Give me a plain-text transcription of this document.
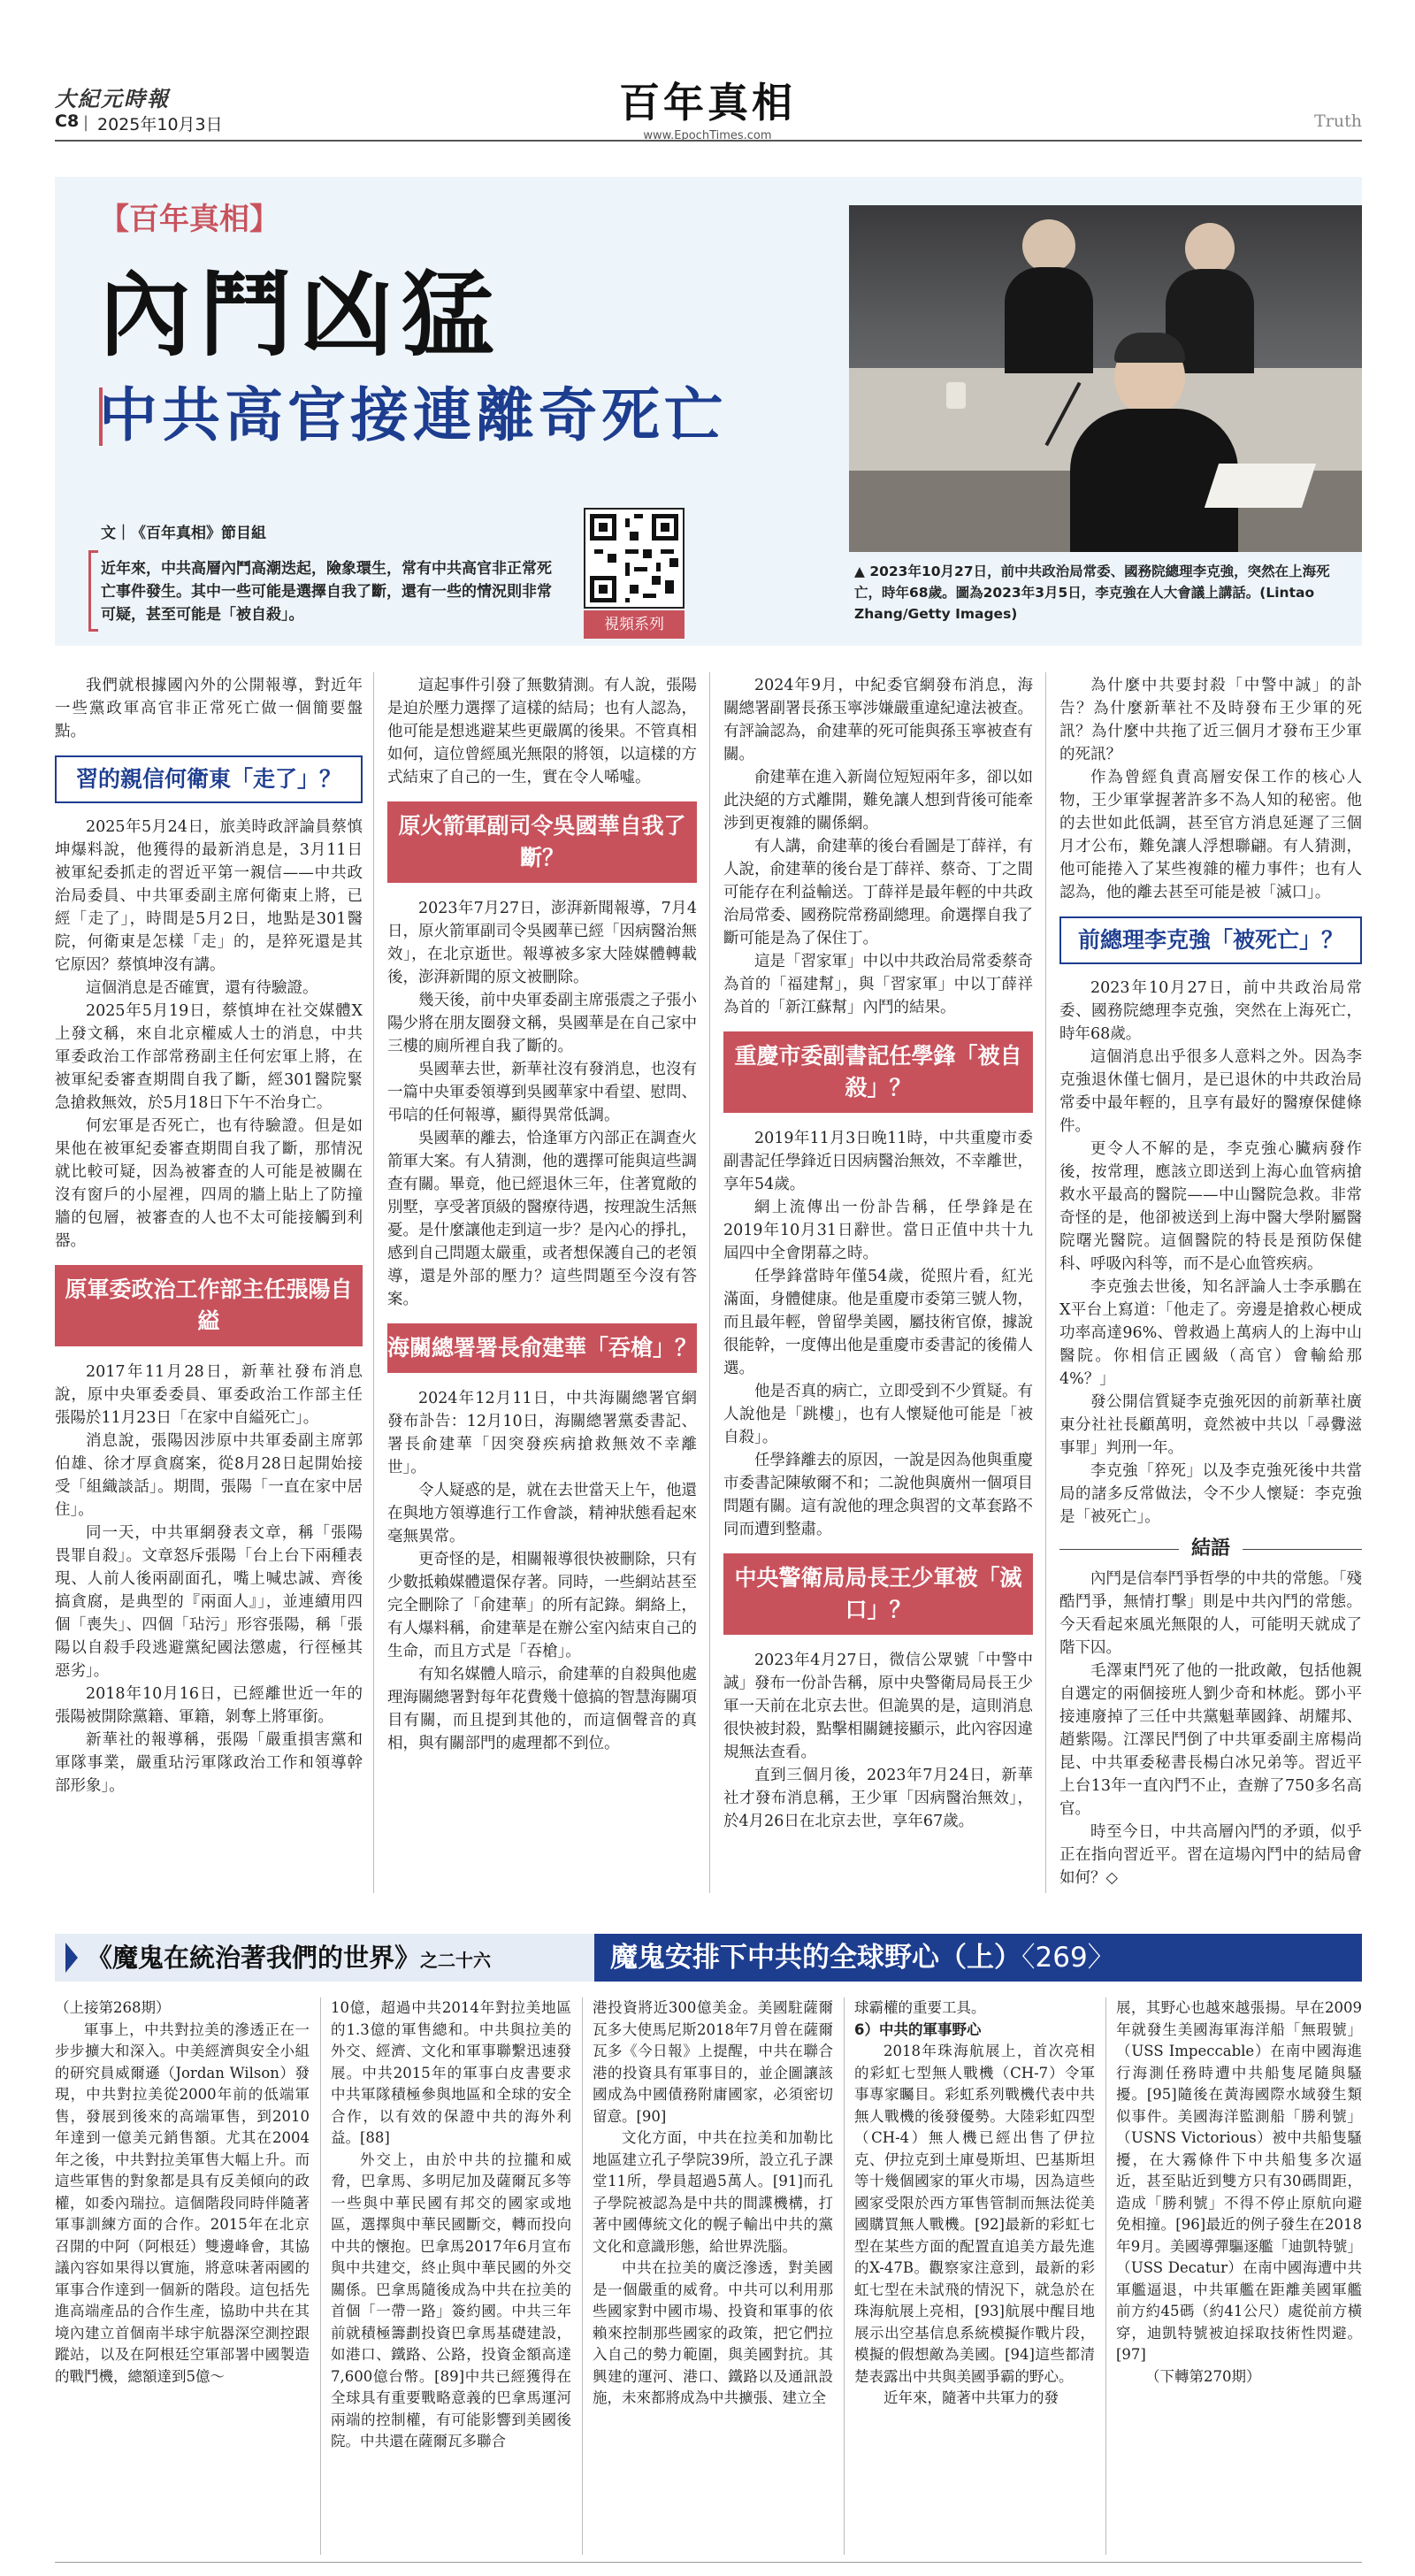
大紀元時報
C8 | 2025年10月3日	百年真相
www.EpochTimes.com
Truth
【百年真相】
內鬥凶猛
中共高官接連離奇死亡
文｜《百年真相》節目組
近年來，中共高層內鬥高潮迭起，險象環生，常有中共高官非正常死亡事件發生。其中一些可能是選擇自我了斷，還有一些的情況則非常可疑，甚至可能是「被自殺」。
視頻系列
▲ 2023年10月27日，前中共政治局常委、國務院總理李克強，突然在上海死亡，時年68歲。圖為2023年3月5日，李克強在人大會議上講話。(Lintao Zhang/Getty Images)

我們就根據國內外的公開報導，對近年一些黨政軍高官非正常死亡做一個簡要盤點。

習的親信何衛東「走了」？

2025年5月24日，旅美時政評論員蔡慎坤爆料說，他獲得的最新消息是，3月11日被軍紀委抓走的習近平第一親信——中共政治局委員、中共軍委副主席何衛東上將，已經「走了」，時間是5月2日，地點是301醫院，何衛東是怎樣「走」的，是猝死還是其它原因？蔡慎坤沒有講。

這個消息是否確實，還有待驗證。

2025年5月19日，蔡慎坤在社交媒體X上發文稱，來自北京權威人士的消息，中共軍委政治工作部常務副主任何宏軍上將，在被軍紀委審查期間自我了斷，經301醫院緊急搶救無效，於5月18日下午不治身亡。

何宏軍是否死亡，也有待驗證。但是如果他在被軍紀委審查期間自我了斷，那情況就比較可疑，因為被審查的人可能是被關在沒有窗戶的小屋裡，四周的牆上貼上了防撞牆的包層，被審查的人也不太可能接觸到利器。

原軍委政治工作部主任張陽自縊

2017年11月28日，新華社發布消息說，原中央軍委委員、軍委政治工作部主任張陽於11月23日「在家中自縊死亡」。

消息說，張陽因涉原中共軍委副主席郭伯雄、徐才厚貪腐案，從8月28日起開始接受「組織談話」。期間，張陽「一直在家中居住」。

同一天，中共軍網發表文章，稱「張陽畏罪自殺」。文章怒斥張陽「台上台下兩種表現、人前人後兩副面孔，嘴上喊忠誠、齊後搞貪腐，是典型的『兩面人』」，並連續用四個「喪失」、四個「玷污」形容張陽，稱「張陽以自殺手段逃避黨紀國法懲處，行徑極其惡劣」。

2018年10月16日，已經離世近一年的張陽被開除黨籍、軍籍，剝奪上將軍銜。

新華社的報導稱，張陽「嚴重損害黨和軍隊事業，嚴重玷污軍隊政治工作和領導幹部形象」。

這起事件引發了無數猜測。有人說，張陽是迫於壓力選擇了這樣的結局；也有人認為，他可能是想逃避某些更嚴厲的後果。不管真相如何，這位曾經風光無限的將領，以這樣的方式結束了自己的一生，實在令人唏噓。

原火箭軍副司令吳國華自我了斷？

2023年7月27日，澎湃新聞報導，7月4日，原火箭軍副司令吳國華已經「因病醫治無效」，在北京逝世。報導被多家大陸媒體轉載後，澎湃新聞的原文被刪除。

幾天後，前中央軍委副主席張震之子張小陽少將在朋友圈發文稱，吳國華是在自己家中三樓的廁所裡自我了斷的。

吳國華去世，新華社沒有發消息，也沒有一篇中央軍委領導到吳國華家中看望、慰問、弔唁的任何報導，顯得異常低調。

吳國華的離去，恰逢軍方內部正在調查火箭軍大案。有人猜測，他的選擇可能與這些調查有關。畢竟，他已經退休三年，住著寬敞的別墅，享受著頂級的醫療待遇，按理說生活無憂。是什麼讓他走到這一步？是內心的掙扎，感到自己問題太嚴重，或者想保護自己的老領導，還是外部的壓力？這些問題至今沒有答案。

海關總署署長俞建華「吞槍」？

2024年12月11日，中共海關總署官網發布訃告：12月10日，海關總署黨委書記、署長俞建華「因突發疾病搶救無效不幸離世」。

令人疑惑的是，就在去世當天上午，他還在與地方領導進行工作會談，精神狀態看起來毫無異常。

更奇怪的是，相關報導很快被刪除，只有少數抵賴媒體還保存著。同時，一些網站甚至完全刪除了「俞建華」的所有記錄。網絡上，有人爆料稱，俞建華是在辦公室內結束自己的生命，而且方式是「吞槍」。

有知名媒體人暗示，俞建華的自殺與他處理海關總署對每年花費幾十億搞的智慧海關項目有關，而且提到其他的，而這個聲音的真相，與有關部門的處理都不到位。

2024年9月，中紀委官網發布消息，海關總署副署長孫玉寧涉嫌嚴重違紀違法被查。有評論認為，俞建華的死可能與孫玉寧被查有關。

俞建華在進入新崗位短短兩年多，卻以如此決絕的方式離開，難免讓人想到背後可能牽涉到更複雜的關係網。

有人講，俞建華的後台看圖是丁薛祥，有人說，俞建華的後台是丁薛祥、蔡奇、丁之間可能存在利益輸送。丁薛祥是最年輕的中共政治局常委、國務院常務副總理。俞選擇自我了斷可能是為了保住丁。

這是「習家軍」中以中共政治局常委蔡奇為首的「福建幫」，與「習家軍」中以丁薛祥為首的「新江蘇幫」內鬥的結果。

重慶市委副書記任學鋒「被自殺」？

2019年11月3日晚11時，中共重慶市委副書記任學鋒近日因病醫治無效，不幸離世，享年54歲。

網上流傳出一份訃告稱，任學鋒是在2019年10月31日辭世。當日正值中共十九屆四中全會閉幕之時。

任學鋒當時年僅54歲，從照片看，紅光滿面，身體健康。他是重慶市委第三號人物，而且最年輕，曾留學美國，屬技術官僚，據說很能幹，一度傳出他是重慶市委書記的後備人選。

他是否真的病亡，立即受到不少質疑。有人說他是「跳樓」，也有人懷疑他可能是「被自殺」。

任學鋒離去的原因，一說是因為他與重慶市委書記陳敏爾不和；二說他與廣州一個項目問題有關。這有說他的理念與習的文革套路不同而遭到整肅。

中央警衛局局長王少軍被「滅口」？

2023年4月27日，微信公眾號「中警中誠」發布一份訃告稱，原中央警衛局局長王少軍一天前在北京去世。但詭異的是，這則消息很快被封殺，點擊相關鏈接顯示，此內容因違規無法查看。

直到三個月後，2023年7月24日，新華社才發布消息稱，王少軍「因病醫治無效」，於4月26日在北京去世，享年67歲。

為什麼中共要封殺「中警中誠」的訃告？為什麼新華社不及時發布王少軍的死訊？為什麼中共拖了近三個月才發布王少軍的死訊？

作為曾經負責高層安保工作的核心人物，王少軍掌握著許多不為人知的秘密。他的去世如此低調，甚至官方消息延遲了三個月才公布，難免讓人浮想聯翩。有人猜測，他可能捲入了某些複雜的權力事件；也有人認為，他的離去甚至可能是被「滅口」。

前總理李克強「被死亡」？

2023年10月27日，前中共政治局常委、國務院總理李克強，突然在上海死亡，時年68歲。

這個消息出乎很多人意料之外。因為李克強退休僅七個月，是已退休的中共政治局常委中最年輕的，且享有最好的醫療保健條件。

更令人不解的是，李克強心臟病發作後，按常理，應該立即送到上海心血管病搶救水平最高的醫院——中山醫院急救。非常奇怪的是，他卻被送到上海中醫大學附屬醫院曙光醫院。這個醫院的特長是預防保健科、呼吸內科等，而不是心血管疾病。

李克強去世後，知名評論人士李承鵬在X平台上寫道：「他走了。旁邊是搶救心梗成功率高達96%、曾救過上萬病人的上海中山醫院。你相信正國級（高官）會輸給那4%？」

發公開信質疑李克強死因的前新華社廣東分社社長顧萬明，竟然被中共以「尋釁滋事罪」判刑一年。

李克強「猝死」以及李克強死後中共當局的諸多反常做法，令不少人懷疑：李克強是「被死亡」。

結語

內鬥是信奉鬥爭哲學的中共的常態。「殘酷鬥爭，無情打擊」則是中共內鬥的常態。今天看起來風光無限的人，可能明天就成了階下囚。

毛澤東鬥死了他的一批政敵，包括他親自選定的兩個接班人劉少奇和林彪。鄧小平接連廢掉了三任中共黨魁華國鋒、胡耀邦、趙紫陽。江澤民鬥倒了中共軍委副主席楊尚昆、中共軍委秘書長楊白冰兄弟等。習近平上台13年一直內鬥不止，查辦了750多名高官。

時至今日，中共高層內鬥的矛頭，似乎正在指向習近平。習在這場內鬥中的結局會如何？◇

《魔鬼在統治著我們的世界》之二十六	魔鬼安排下中共的全球野心（上）〈269〉

（上接第268期）

軍事上，中共對拉美的滲透正在一步步擴大和深入。中美經濟與安全小組的研究員威爾遜（Jordan Wilson）發現，中共對拉美從2000年前的低端軍售，發展到後來的高端軍售，到2010年達到一億美元銷售額。尤其在2004年之後，中共對拉美軍售大幅上升。而這些軍售的對象都是具有反美傾向的政權，如委內瑞拉。這個階段同時伴隨著軍事訓練方面的合作。2015年在北京召開的中阿（阿根廷）雙邊峰會，其協議內容如果得以實施，將意味著兩國的軍事合作達到一個新的階段。這包括先進高端產品的合作生產，協助中共在其境內建立首個南半球宇航器深空測控跟蹤站，以及在阿根廷空軍部署中國製造的戰鬥機，總額達到5億～

10億，超過中共2014年對拉美地區的1.3億的軍售總和。中共與拉美的外交、經濟、文化和軍事聯繫迅速發展。中共2015年的軍事白皮書要求中共軍隊積極參與地區和全球的安全合作，以有效的保證中共的海外利益。[88]

外交上，由於中共的拉攏和威脅，巴拿馬、多明尼加及薩爾瓦多等一些與中華民國有邦交的國家或地區，選擇與中華民國斷交，轉而投向中共的懷抱。巴拿馬2017年6月宣布與中共建交，終止與中華民國的外交關係。巴拿馬隨後成為中共在拉美的首個「一帶一路」簽約國。中共三年前就積極籌劃投資巴拿馬基礎建設，如港口、鐵路、公路，投資金額高達7,600億台幣。[89]中共已經獲得在全球具有重要戰略意義的巴拿馬運河兩端的控制權，有可能影響到美國後院。中共還在薩爾瓦多聯合

港投資將近300億美金。美國駐薩爾瓦多大使馬尼斯2018年7月曾在薩爾瓦多《今日報》上提醒，中共在聯合港的投資具有軍事目的，並企圖讓該國成為中國債務附庸國家，必須密切留意。[90]

文化方面，中共在拉美和加勒比地區建立孔子學院39所，設立孔子課堂11所，學員超過5萬人。[91]而孔子學院被認為是中共的間諜機構，打著中國傳統文化的幌子輸出中共的黨文化和意識形態，給世界洗腦。

中共在拉美的廣泛滲透，對美國是一個嚴重的威脅。中共可以利用那些國家對中國市場、投資和軍事的依賴來控制那些國家的政策，把它們拉入自己的勢力範圍，與美國對抗。其興建的運河、港口、鐵路以及通訊設施，未來都將成為中共擴張、建立全

球霸權的重要工具。

6）中共的軍事野心

2018年珠海航展上，首次亮相的彩虹七型無人戰機（CH-7）令軍事專家矚目。彩虹系列戰機代表中共無人戰機的後發優勢。大陸彩虹四型（CH-4）無人機已經出售了伊拉克、伊拉克到土庫曼斯坦、巴基斯坦等十幾個國家的軍火市場，因為這些國家受限於西方軍售管制而無法從美國購買無人戰機。[92]最新的彩虹七型在某些方面的配置直追美方最先進的X-47B。觀察家注意到，最新的彩虹七型在未試飛的情況下，就急於在珠海航展上亮相，[93]航展中醒目地展示出空基信息系統模擬作戰片段，模擬的假想敵為美國。[94]這些都清楚表露出中共與美國爭霸的野心。

近年來，隨著中共軍力的發

展，其野心也越來越張揚。早在2009年就發生美國海軍海洋船「無瑕號」（USS Impeccable）在南中國海進行海測任務時遭中共船隻尾隨與騷擾。[95]隨後在黃海國際水域發生類似事件。美國海洋監測船「勝利號」（USNS Victorious）被中共船隻騷擾，在大霧條件下中共船隻多次逼近，甚至貼近到雙方只有30碼間距，造成「勝利號」不得不停止原航向避免相撞。[96]最近的例子發生在2018年9月。美國導彈驅逐艦「迪凱特號」（USS Decatur）在南中國海遭中共軍艦逼退，中共軍艦在距離美國軍艦前方約45碼（約41公尺）處從前方橫穿，迪凱特號被迫採取技術性閃避。[97]

（下轉第270期）
